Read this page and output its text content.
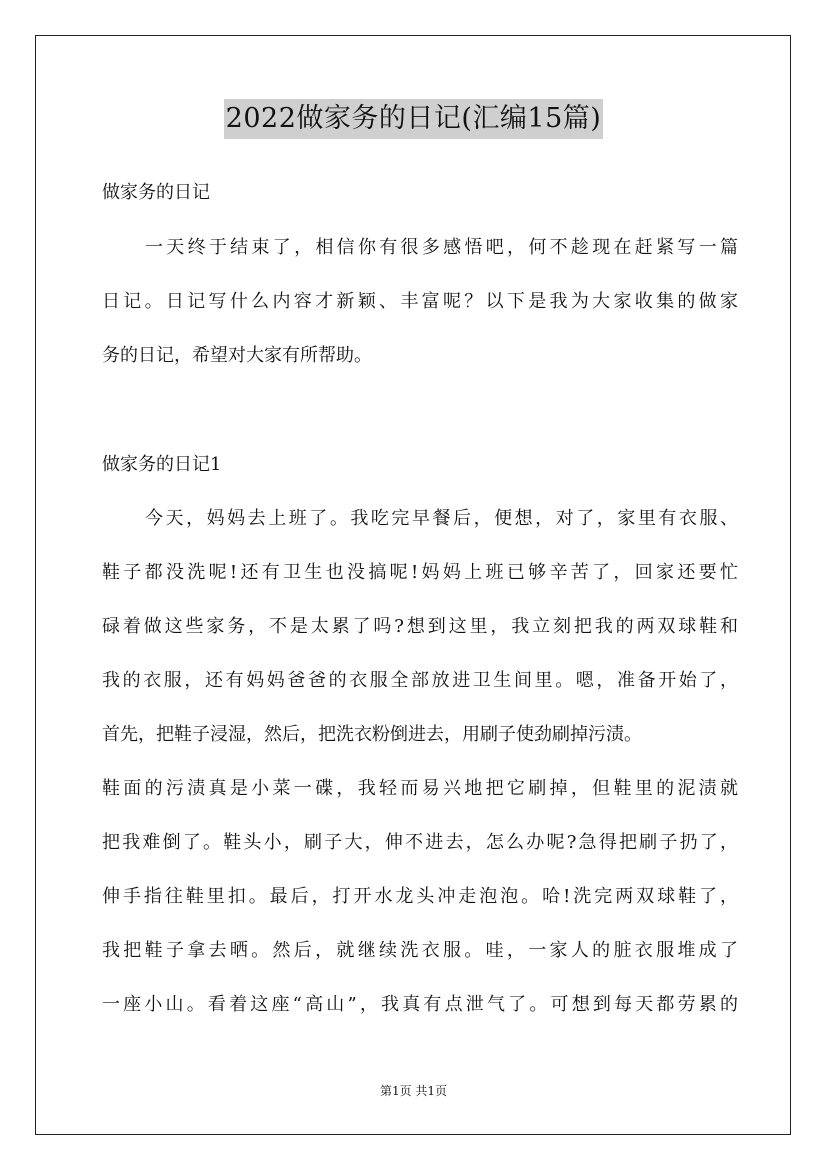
2022做家务的日记(汇编15篇)
做家务的日记
一天终于结束了，相信你有很多感悟吧，何不趁现在赶紧写一篇
日记。日记写什么内容才新颖、丰富呢？以下是我为大家收集的做家
务的日记，希望对大家有所帮助。
做家务的日记1
今天，妈妈去上班了。我吃完早餐后，便想，对了，家里有衣服、
鞋子都没洗呢!还有卫生也没搞呢!妈妈上班已够辛苦了，回家还要忙
碌着做这些家务，不是太累了吗?想到这里，我立刻把我的两双球鞋和
我的衣服，还有妈妈爸爸的衣服全部放进卫生间里。嗯，准备开始了，
首先，把鞋子浸湿，然后，把洗衣粉倒进去，用刷子使劲刷掉污渍。
鞋面的污渍真是小菜一碟，我轻而易兴地把它刷掉，但鞋里的泥渍就
把我难倒了。鞋头小，刷子大，伸不进去，怎么办呢?急得把刷子扔了，
伸手指往鞋里扣。最后，打开水龙头冲走泡泡。哈!洗完两双球鞋了，
我把鞋子拿去晒。然后，就继续洗衣服。哇，一家人的脏衣服堆成了
一座小山。看着这座“高山”，我真有点泄气了。可想到每天都劳累的
第1页 共1页
